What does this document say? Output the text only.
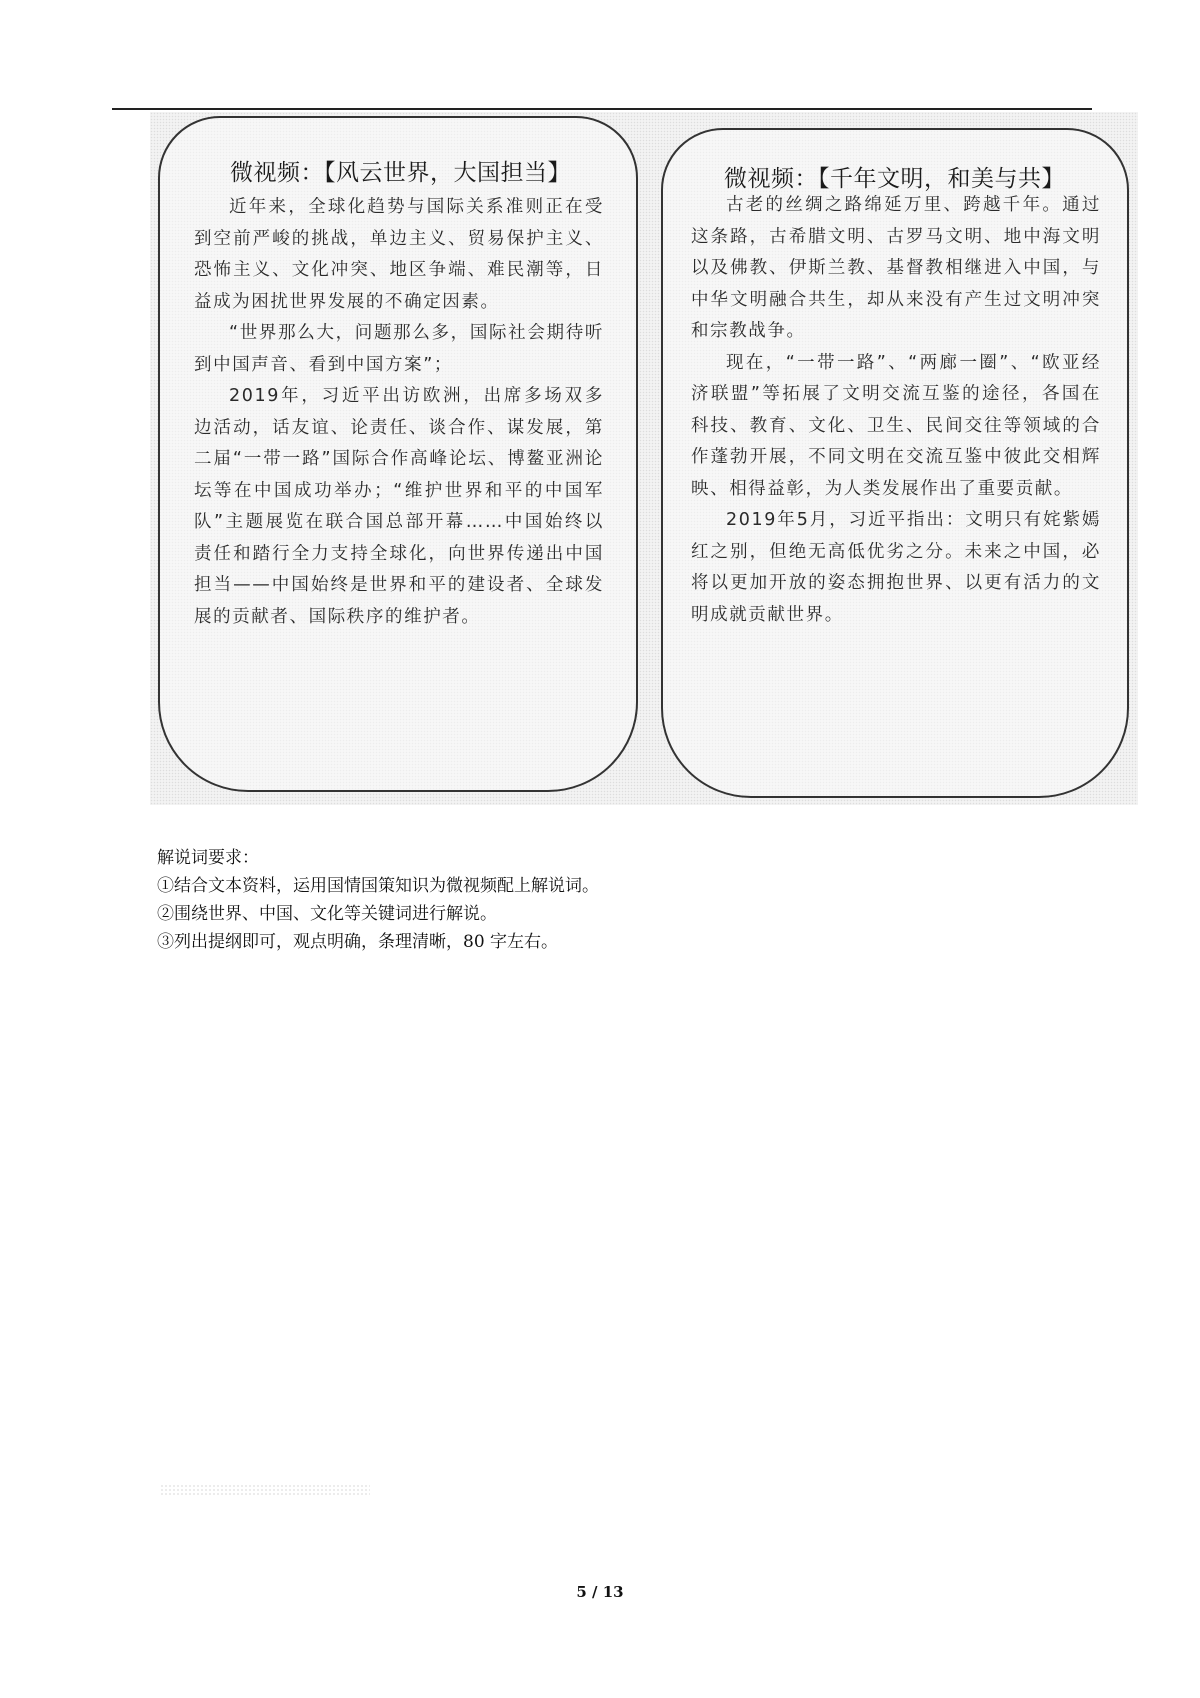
微视频：【风云世界，大国担当】

近年来，全球化趋势与国际关系准则正在受到空前严峻的挑战，单边主义、贸易保护主义、恐怖主义、文化冲突、地区争端、难民潮等，日益成为困扰世界发展的不确定因素。

“世界那么大，问题那么多，国际社会期待听到中国声音、看到中国方案”；

2019年，习近平出访欧洲，出席多场双多边活动，话友谊、论责任、谈合作、谋发展，第二届“一带一路”国际合作高峰论坛、博鳌亚洲论坛等在中国成功举办；“维护世界和平的中国军队”主题展览在联合国总部开幕……中国始终以责任和踏行全力支持全球化，向世界传递出中国担当——中国始终是世界和平的建设者、全球发展的贡献者、国际秩序的维护者。

微视频：【千年文明，和美与共】

古老的丝绸之路绵延万里、跨越千年。通过这条路，古希腊文明、古罗马文明、地中海文明以及佛教、伊斯兰教、基督教相继进入中国，与中华文明融合共生，却从来没有产生过文明冲突和宗教战争。

现在，“一带一路”、“两廊一圈”、“欧亚经济联盟”等拓展了文明交流互鉴的途径，各国在科技、教育、文化、卫生、民间交往等领域的合作蓬勃开展，不同文明在交流互鉴中彼此交相辉映、相得益彰，为人类发展作出了重要贡献。

2019年5月，习近平指出：文明只有姹紫嫣红之别，但绝无高低优劣之分。未来之中国，必将以更加开放的姿态拥抱世界、以更有活力的文明成就贡献世界。

解说词要求：
①结合文本资料，运用国情国策知识为微视频配上解说词。
②围绕世界、中国、文化等关键词进行解说。
③列出提纲即可，观点明确，条理清晰，80 字左右。
5 / 13
